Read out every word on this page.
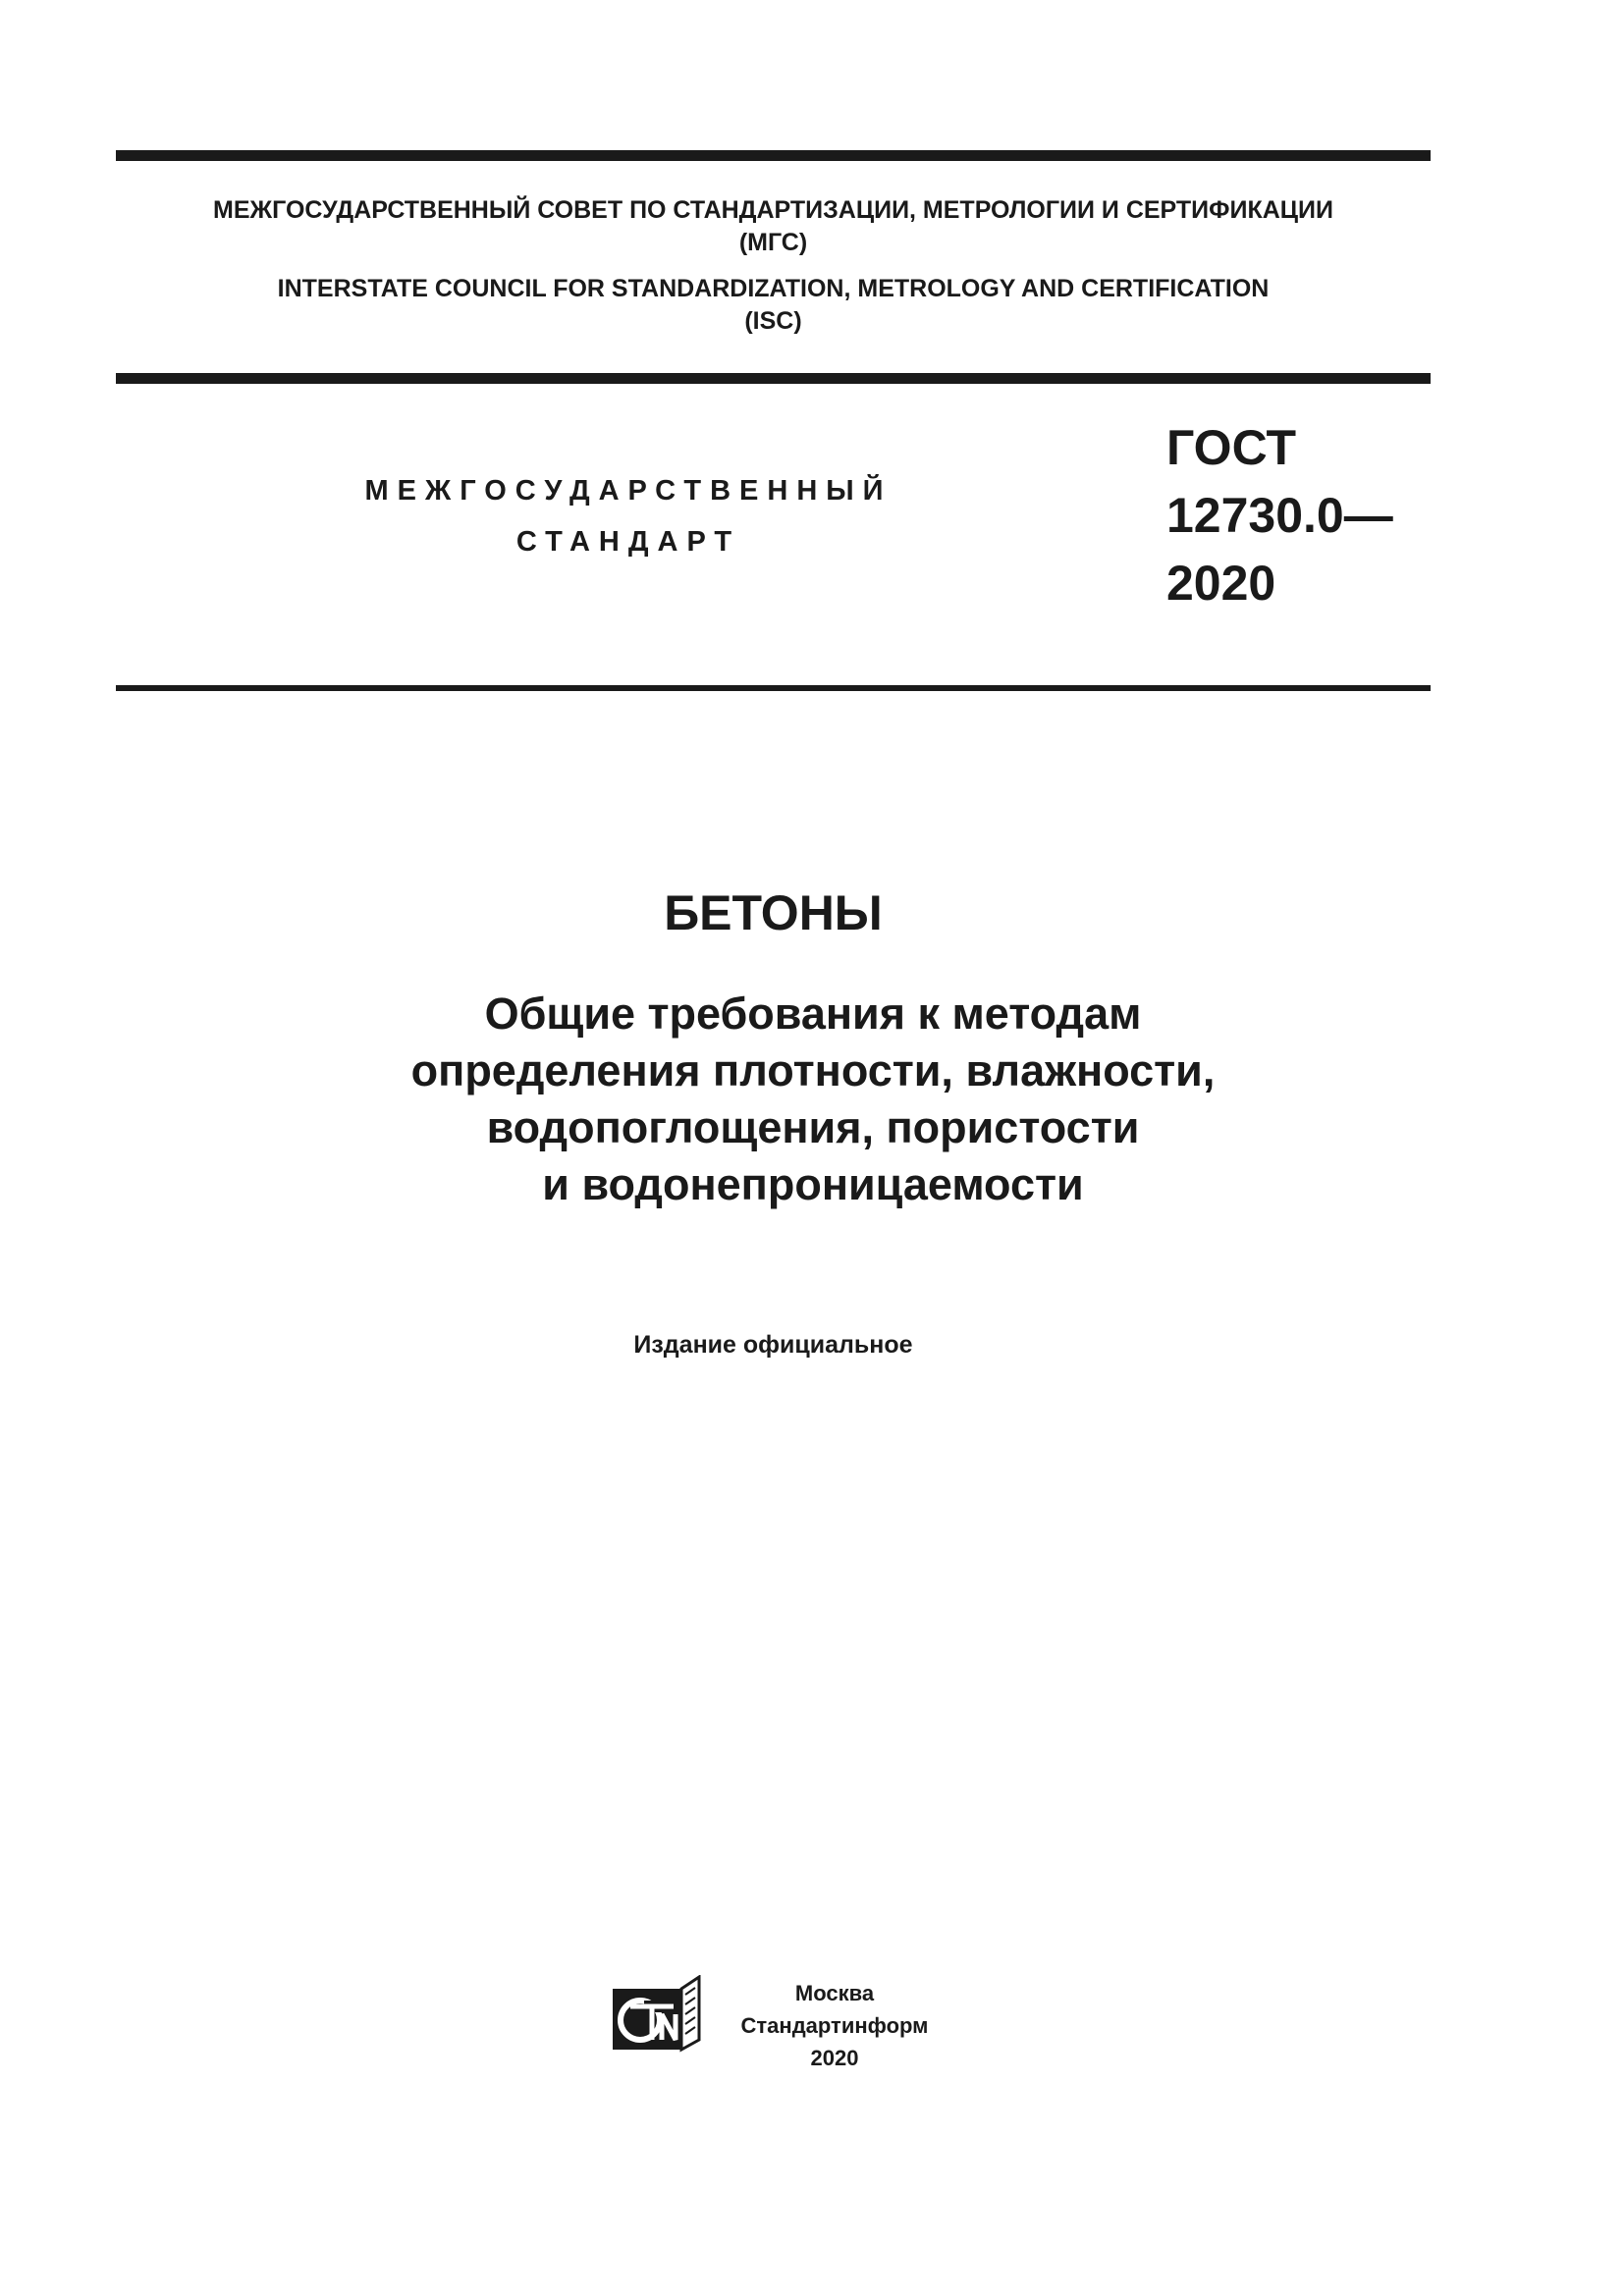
МЕЖГОСУДАРСТВЕННЫЙ СОВЕТ ПО СТАНДАРТИЗАЦИИ, МЕТРОЛОГИИ И СЕРТИФИКАЦИИ
(МГС)
INTERSTATE COUNCIL FOR STANDARDIZATION, METROLOGY AND CERTIFICATION
(ISC)
МЕЖГОСУДАРСТВЕННЫЙ
СТАНДАРТ
ГОСТ
12730.0—
2020
БЕТОНЫ
Общие требования к методам
определения плотности, влажности,
водопоглощения, пористости
и водонепроницаемости
Издание официальное
Москва
Стандартинформ
2020
